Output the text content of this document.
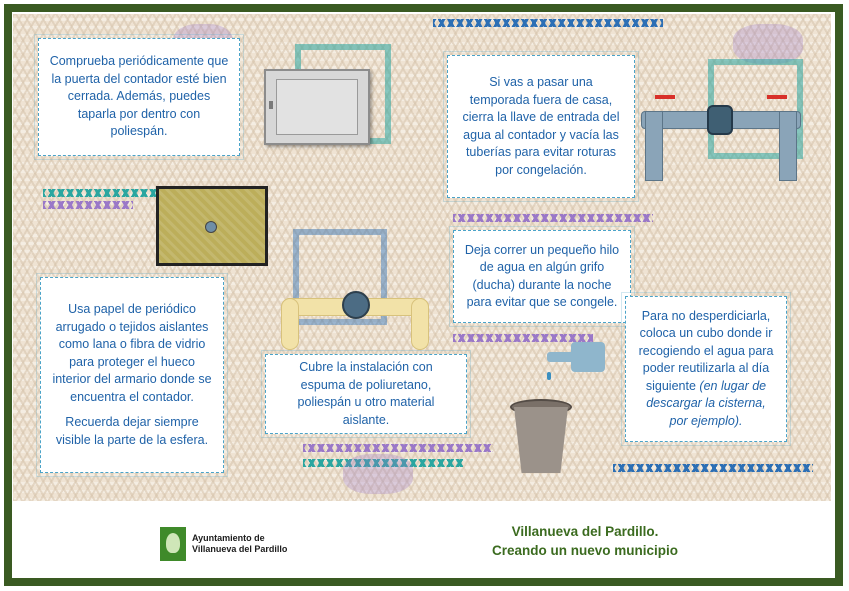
Comprueba periódicamente que la puerta del contador esté bien cerrada. Además, puedes taparla por dentro con poliespán.

Si vas a pasar una temporada fuera de casa, cierra la llave de entrada del agua al contador y vacía las tuberías para evitar roturas por congelación.

Deja correr un pequeño hilo de agua en algún grifo (ducha) durante la noche para evitar que se congele.

Usa papel de periódico arrugado o tejidos aislantes como lana o fibra de vidrio para proteger el hueco interior del armario donde se encuentra el contador.

Recuerda dejar siempre visible la parte de la esfera.

Cubre la instalación con espuma de poliuretano, poliespán u otro material aislante.

Para no desperdiciarla, coloca un cubo donde ir recogiendo el agua para poder reutilizarla al día siguiente (en lugar de descargar la cisterna, por ejemplo).

Ayuntamiento de
Villanueva del Pardillo
Villanueva del Pardillo.
Creando un nuevo municipio
